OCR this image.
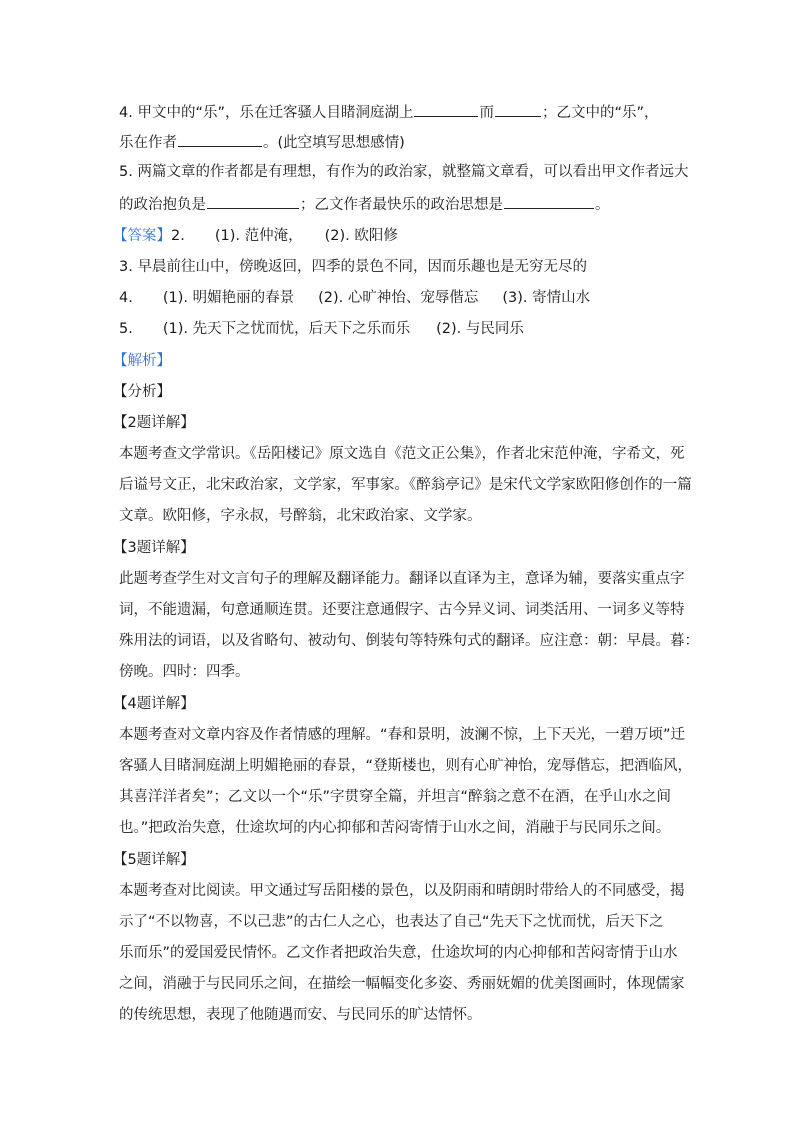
4. 甲文中的“乐”，乐在迁客骚人目睹洞庭湖上	而	；乙文中的“乐”，
乐在作者	。(此空填写思想感情)
5. 两篇文章的作者都是有理想，有作为的政治家，就整篇文章看，可以看出甲文作者远大
的政治抱负是	；乙文作者最快乐的政治思想是	。
【答案】2. (1). 范仲淹， (2). 欧阳修
3. 早晨前往山中，傍晚返回，四季的景色不同，因而乐趣也是无穷无尽的
4. (1). 明媚艳丽的春景 (2). 心旷神怡、宠辱偕忘 (3). 寄情山水
5. (1). 先天下之忧而忧，后天下之乐而乐 (2). 与民同乐
【解析】
【分析】
【2题详解】
本题考查文学常识。《岳阳楼记》原文选自《范文正公集》，作者北宋范仲淹，字希文，死
后谥号文正，北宋政治家，文学家，军事家。《醉翁亭记》是宋代文学家欧阳修创作的一篇
文章。欧阳修，字永叔，号醉翁，北宋政治家、文学家。
【3题详解】
此题考查学生对文言句子的理解及翻译能力。翻译以直译为主，意译为辅，要落实重点字
词，不能遗漏，句意通顺连贯。还要注意通假字、古今异义词、词类活用、一词多义等特
殊用法的词语，以及省略句、被动句、倒装句等特殊句式的翻译。应注意：朝：早晨。暮：
傍晚。四时：四季。
【4题详解】
本题考查对文章内容及作者情感的理解。“春和景明，波澜不惊，上下天光，一碧万顷”迁
客骚人目睹洞庭湖上明媚艳丽的春景，“登斯楼也，则有心旷神怡，宠辱偕忘，把酒临风，
其喜洋洋者矣”；乙文以一个“乐”字贯穿全篇，并坦言“醉翁之意不在酒，在乎山水之间
也。”把政治失意，仕途坎坷的内心抑郁和苦闷寄情于山水之间，消融于与民同乐之间。
【5题详解】
本题考查对比阅读。甲文通过写岳阳楼的景色，以及阴雨和晴朗时带给人的不同感受，揭
示了“不以物喜，不以己悲”的古仁人之心，也表达了自己“先天下之忧而忧，后天下之
乐而乐”的爱国爱民情怀。乙文作者把政治失意，仕途坎坷的内心抑郁和苦闷寄情于山水
之间，消融于与民同乐之间，在描绘一幅幅变化多姿、秀丽妩媚的优美图画时，体现儒家
的传统思想，表现了他随遇而安、与民同乐的旷达情怀。
